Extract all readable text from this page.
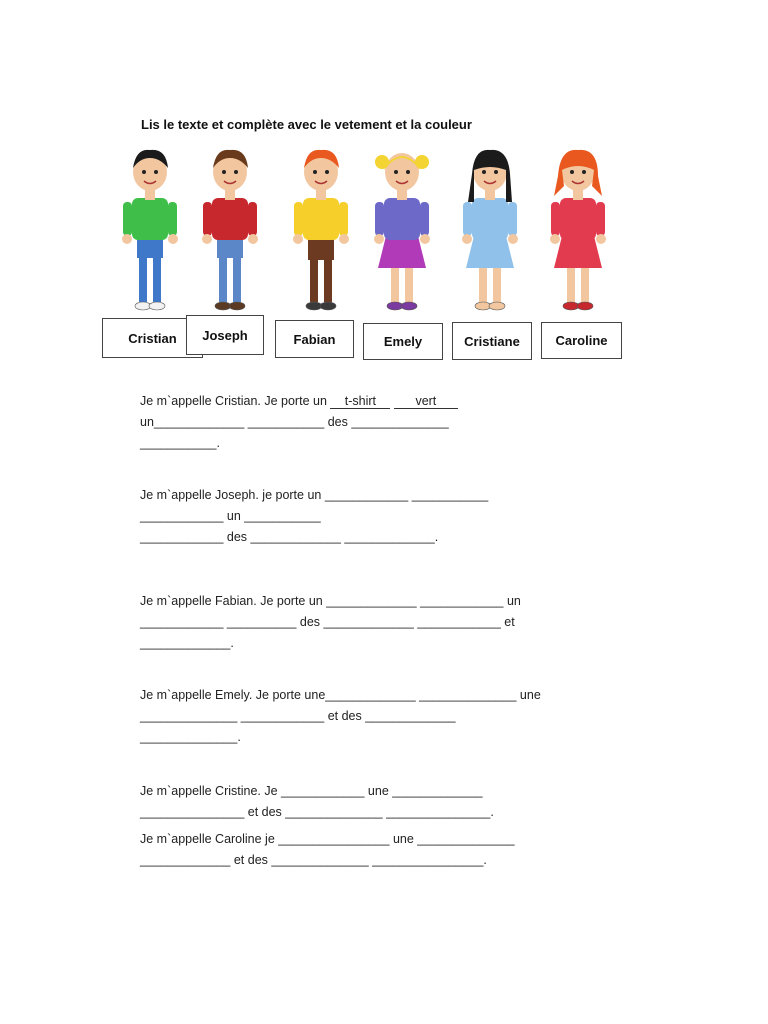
Lis le texte et complète avec le vetement et la couleur
Cristian	Joseph	Fabian	Emely	Cristiane	Caroline
Je m`appelle Cristian. Je porte un t-shirt	vert
un_____________ ___________ des ______________
___________.
Je m`appelle Joseph. je porte un ____________ ___________
____________ un ___________
____________ des _____________ _____________.
Je m`appelle Fabian. Je porte un _____________ ____________ un
____________ __________ des _____________ ____________ et
_____________.
Je m`appelle Emely. Je porte une_____________ ______________ une
______________ ____________ et des _____________
______________.
Je m`appelle Cristine. Je ____________ une _____________
_______________ et des ______________ _______________.
Je m`appelle Caroline je ________________ une ______________
_____________ et des ______________ ________________.
